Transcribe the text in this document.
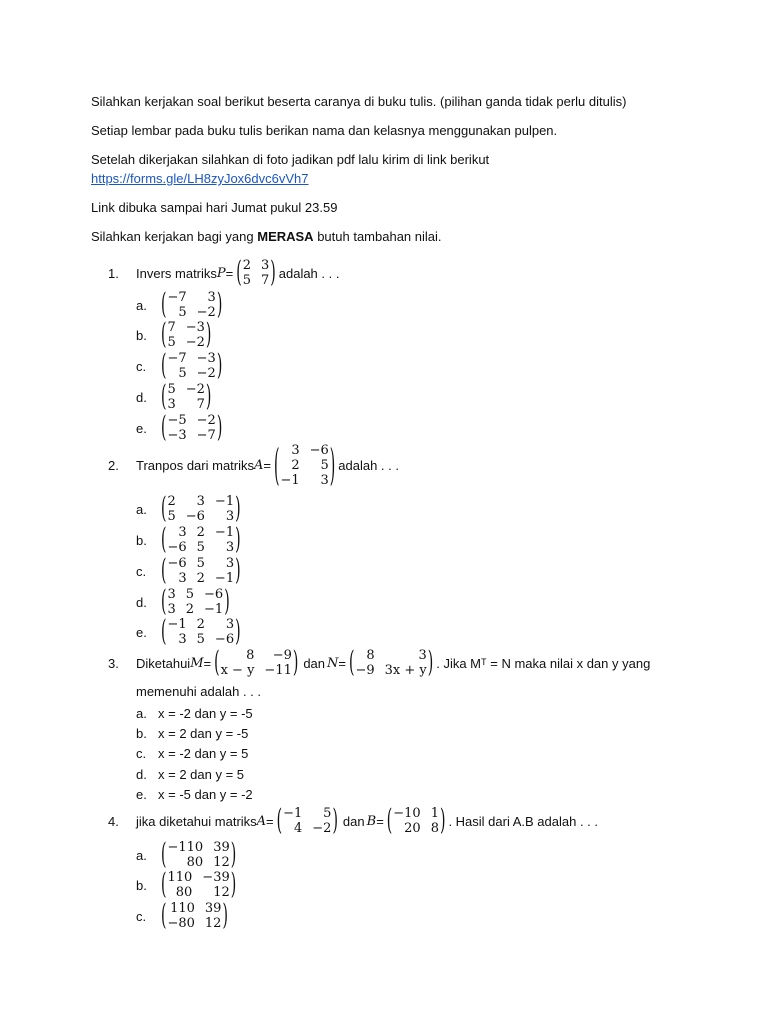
Silahkan kerjakan soal berikut beserta caranya di buku tulis. (pilihan ganda tidak perlu ditulis)
Setiap lembar pada buku tulis berikan nama dan kelasnya menggunakan pulpen.
Setelah dikerjakan silahkan di foto jadikan pdf lalu kirim di link berikut
https://forms.gle/LH8zyJox6dvc6vVh7
Link dibuka sampai hari Jumat pukul 23.59
Silahkan kerjakan bagi yang MERASA butuh tambahan nilai.
1.	Invers matriks P = ( 2 3
5 7 ) adalah . . .
a.	( −7	3
5 −2 )
b.	( 7 −3
5 −2 )
c.	( −7 −3
5 −2 )
d.	( 5 −2
3	7 )
e.	( −5 −2
−3 −7 )
2.	Tranpos dari matriks A = ( 3 −6
2	5
−1	3 ) adalah . . .
a.	( 2	3 −1
5 −6	3 )
b.	( 3 2 −1
−6 5	3 )
c.	( −6 5	3
3 2 −1 )
d.	( 3 5 −6
3 2 −1 )
e.	( −1 2	3
3 5 −6 )
3.	Diketahui M = (	8	−9
x − y −11 ) dan N = ( 8	3
−9 3x + y ) . Jika Mᵀ = N maka nilai x dan y yang
memenuhi adalah . . .
a. x = -2 dan y = -5
b. x = 2 dan y = -5
c. x = -2 dan y = 5
d. x = 2 dan y = 5
e. x = -5 dan y = -2
4.	jika diketahui matriks A = ( −1	5
4 −2 ) dan B = ( −10 1
20 8 ) . Hasil dari A.B adalah . . .
a.	( −110 39
80 12 )
b.	( 110 −39
80	12 )
c.	( 110 39
−80 12 )
